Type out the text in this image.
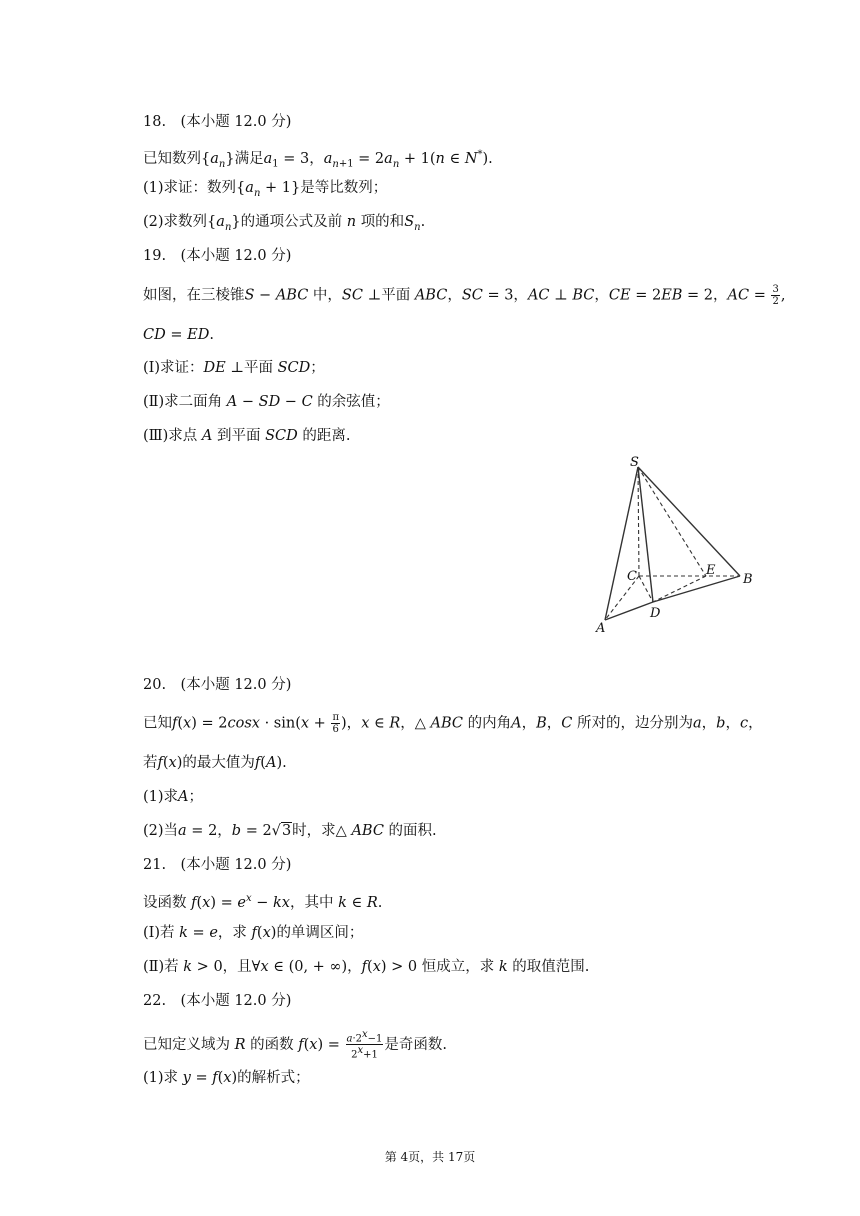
18.　(本小题 12.0 分)
已知数列$\{a_n\}$满足$a_1 = 3$，$a_{n+1} = 2a_n + 1(n$ ∈ N*).
(1)求证：数列$\{a_n + 1\}$是等比数列；
(2)求数列$\{a_n\}$的通项公式及前 n 项的和$S_n$.
19.　(本小题 12.0 分)
如图，在三棱锥S − ABC 中，SC ⊥平面 ABC，SC = 3，AC ⊥ BC，CE = 2EB = 2，AC = $\frac{3}{2}$ ,
CD = ED.
(Ⅰ)求证：DE ⊥平面 SCD；
(Ⅱ)求二面角 A − SD − C 的余弦值；
(Ⅲ)求点 A 到平面 SCD 的距离.
S
C	E
B
A
D
20.　(本小题 12.0 分)
已知$f(x) = 2\cos x \cdot \sin(x + \frac{\pi}{6}$ )，x ∈ R，△ ABC 的内角A，B，C 所对的，边分别为a，b，c，
若f(x)的最大值为f(A).
(1)求A；
(2)当a = 2，b = 2√3时，求△ ABC 的面积.
21.　(本小题 12.0 分)
设函数 $f(x) = e^x$ − kx，其中 k ∈ R.
(Ⅰ)若 k = e，求 f(x)的单调区间；
(Ⅱ)若 k > 0，且∀x ∈ (0, + ∞)，f(x) > 0 恒成立，求 k 的取值范围.
22.　(本小题 12.0 分)
已知定义域为 R 的函数 $f(x) = \frac{a\cdot 2^x-1}{2^x+1}$ 是奇函数.
(1)求 y = f(x)的解析式；
第 4页，共 17页
